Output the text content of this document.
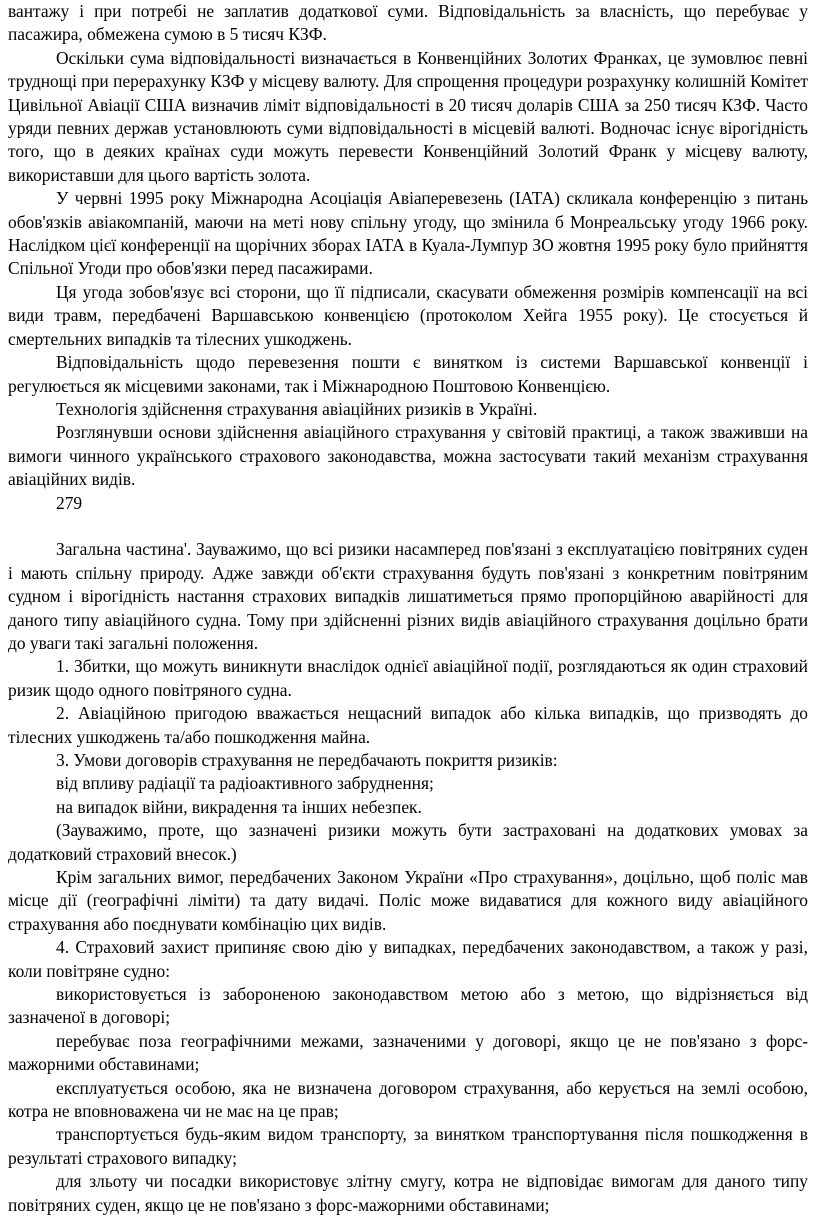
вантажу і при потребі не заплатив додаткової суми. Відповідальність за власність, що перебуває у пасажира, обмежена сумою в 5 тисяч КЗФ.

Оскільки сума відповідальності визначається в Конвенційних Золотих Франках, це зумовлює певні труднощі при перерахунку КЗФ у місцеву валюту. Для спрощення процедури розрахунку колишній Комітет Цивільної Авіації США визначив ліміт відповідальності в 20 тисяч доларів США за 250 тисяч КЗФ. Часто уряди певних держав установлюють суми відповідальності в місцевій валюті. Водночас існує вірогідність того, що в деяких країнах суди можуть перевести Конвенційний Золотий Франк у місцеву валюту, використавши для цього вартість золота.

У червні 1995 року Міжнародна Асоціація Авіаперевезень (ІАТА) скликала конференцію з питань обов'язків авіакомпаній, маючи на меті нову спільну угоду, що змінила б Монреальську угоду 1966 року. Наслідком цієї конференції на щорічних зборах ІАТА в Куала-Лумпур ЗО жовтня 1995 року було прийняття Спільної Угоди про обов'язки перед пасажирами.

Ця угода зобов'язує всі сторони, що її підписали, скасувати обмеження розмірів компенсації на всі види травм, передбачені Варшавською конвенцією (протоколом Хейга 1955 року). Це стосується й смертельних випадків та тілесних ушкоджень.

Відповідальність щодо перевезення пошти є винятком із системи Варшавської конвенції і регулюється як місцевими законами, так і Міжнародною Поштовою Конвенцією.

Технологія здійснення страхування авіаційних ризиків в Україні.

Розглянувши основи здійснення авіаційного страхування у світовій практиці, а також зваживши на вимоги чинного українського страхового законодавства, можна застосувати такий механізм страхування авіаційних видів.

279

Загальна частина'. Зауважимо, що всі ризики насамперед пов'язані з експлуатацією повітряних суден і мають спільну природу. Адже завжди об'єкти страхування будуть пов'язані з конкретним повітряним судном і вірогідність настання страхових випадків лишатиметься прямо пропорційною аварійності для даного типу авіаційного судна. Тому при здійсненні різних видів авіаційного страхування доцільно брати до уваги такі загальні положення.

1. Збитки, що можуть виникнути внаслідок однієї авіаційної події, розглядаються як один страховий ризик щодо одного повітряного судна.

2. Авіаційною пригодою вважається нещасний випадок або кілька випадків, що призводять до тілесних ушкоджень та/або пошкодження майна.

3. Умови договорів страхування не передбачають покриття ризиків:

від впливу радіації та радіоактивного забруднення;

на випадок війни, викрадення та інших небезпек.

(Зауважимо, проте, що зазначені ризики можуть бути застраховані на додаткових умовах за додатковий страховий внесок.)

Крім загальних вимог, передбачених Законом України «Про страхування», доцільно, щоб поліс мав місце дії (географічні ліміти) та дату видачі. Поліс може видаватися для кожного виду авіаційного страхування або поєднувати комбінацію цих видів.

4. Страховий захист припиняє свою дію у випадках, передбачених законодавством, а також у разі, коли повітряне судно:

використовується із забороненою законодавством метою або з метою, що відрізняється від зазначеної в договорі;

перебуває поза географічними межами, зазначеними у договорі, якщо це не пов'язано з форс-мажорними обставинами;

експлуатується особою, яка не визначена договором страхування, або керується на землі особою, котра не вповноважена чи не має на це прав;

транспортується будь-яким видом транспорту, за винятком транспортування після пошкодження в результаті страхового випадку;

для зльоту чи посадки використовує злітну смугу, котра не відповідає вимогам для даного типу повітряних суден, якщо це не пов'язано з форс-мажорними обставинами;
